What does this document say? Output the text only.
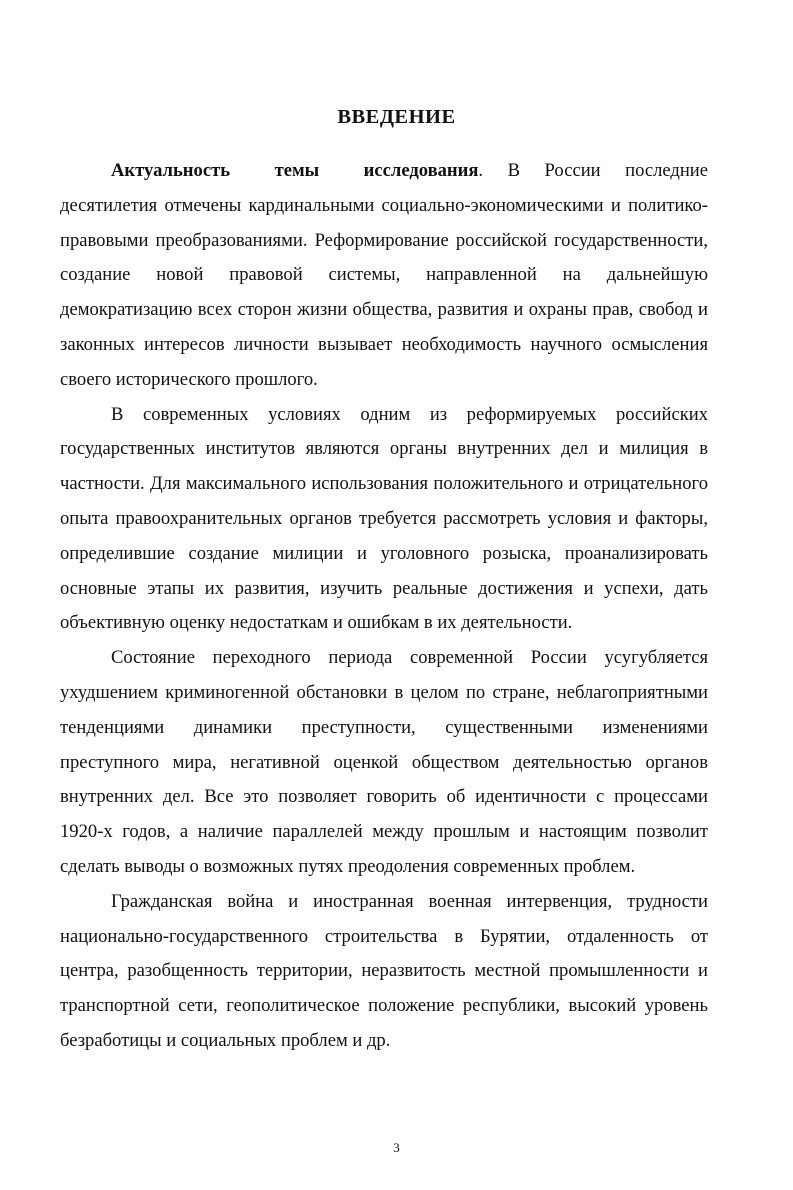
ВВЕДЕНИЕ

Актуальность темы исследования. В России последние десятилетия отмечены кардинальными социально-экономическими и политико-правовыми преобразованиями. Реформирование российской государственности, создание новой правовой системы, направленной на дальнейшую демократизацию всех сторон жизни общества, развития и охраны прав, свобод и законных интересов личности вызывает необходимость научного осмысления своего исторического прошлого.

В современных условиях одним из реформируемых российских государственных институтов являются органы внутренних дел и милиция в частности. Для максимального использования положительного и отрицательного опыта правоохранительных органов требуется рассмотреть условия и факторы, определившие создание милиции и уголовного розыска, проанализировать основные этапы их развития, изучить реальные достижения и успехи, дать объективную оценку недостаткам и ошибкам в их деятельности.

Состояние переходного периода современной России усугубляется ухудшением криминогенной обстановки в целом по стране, неблагоприятными тенденциями динамики преступности, существенными изменениями преступного мира, негативной оценкой обществом деятельностью органов внутренних дел. Все это позволяет говорить об идентичности с процессами 1920-х годов, а наличие параллелей между прошлым и настоящим позволит сделать выводы о возможных путях преодоления современных проблем.

Гражданская война и иностранная военная интервенция, трудности национально-государственного строительства в Бурятии, отдаленность от центра, разобщенность территории, неразвитость местной промышленности и транспортной сети, геополитическое положение республики, высокий уровень безработицы и социальных проблем и др.

3
